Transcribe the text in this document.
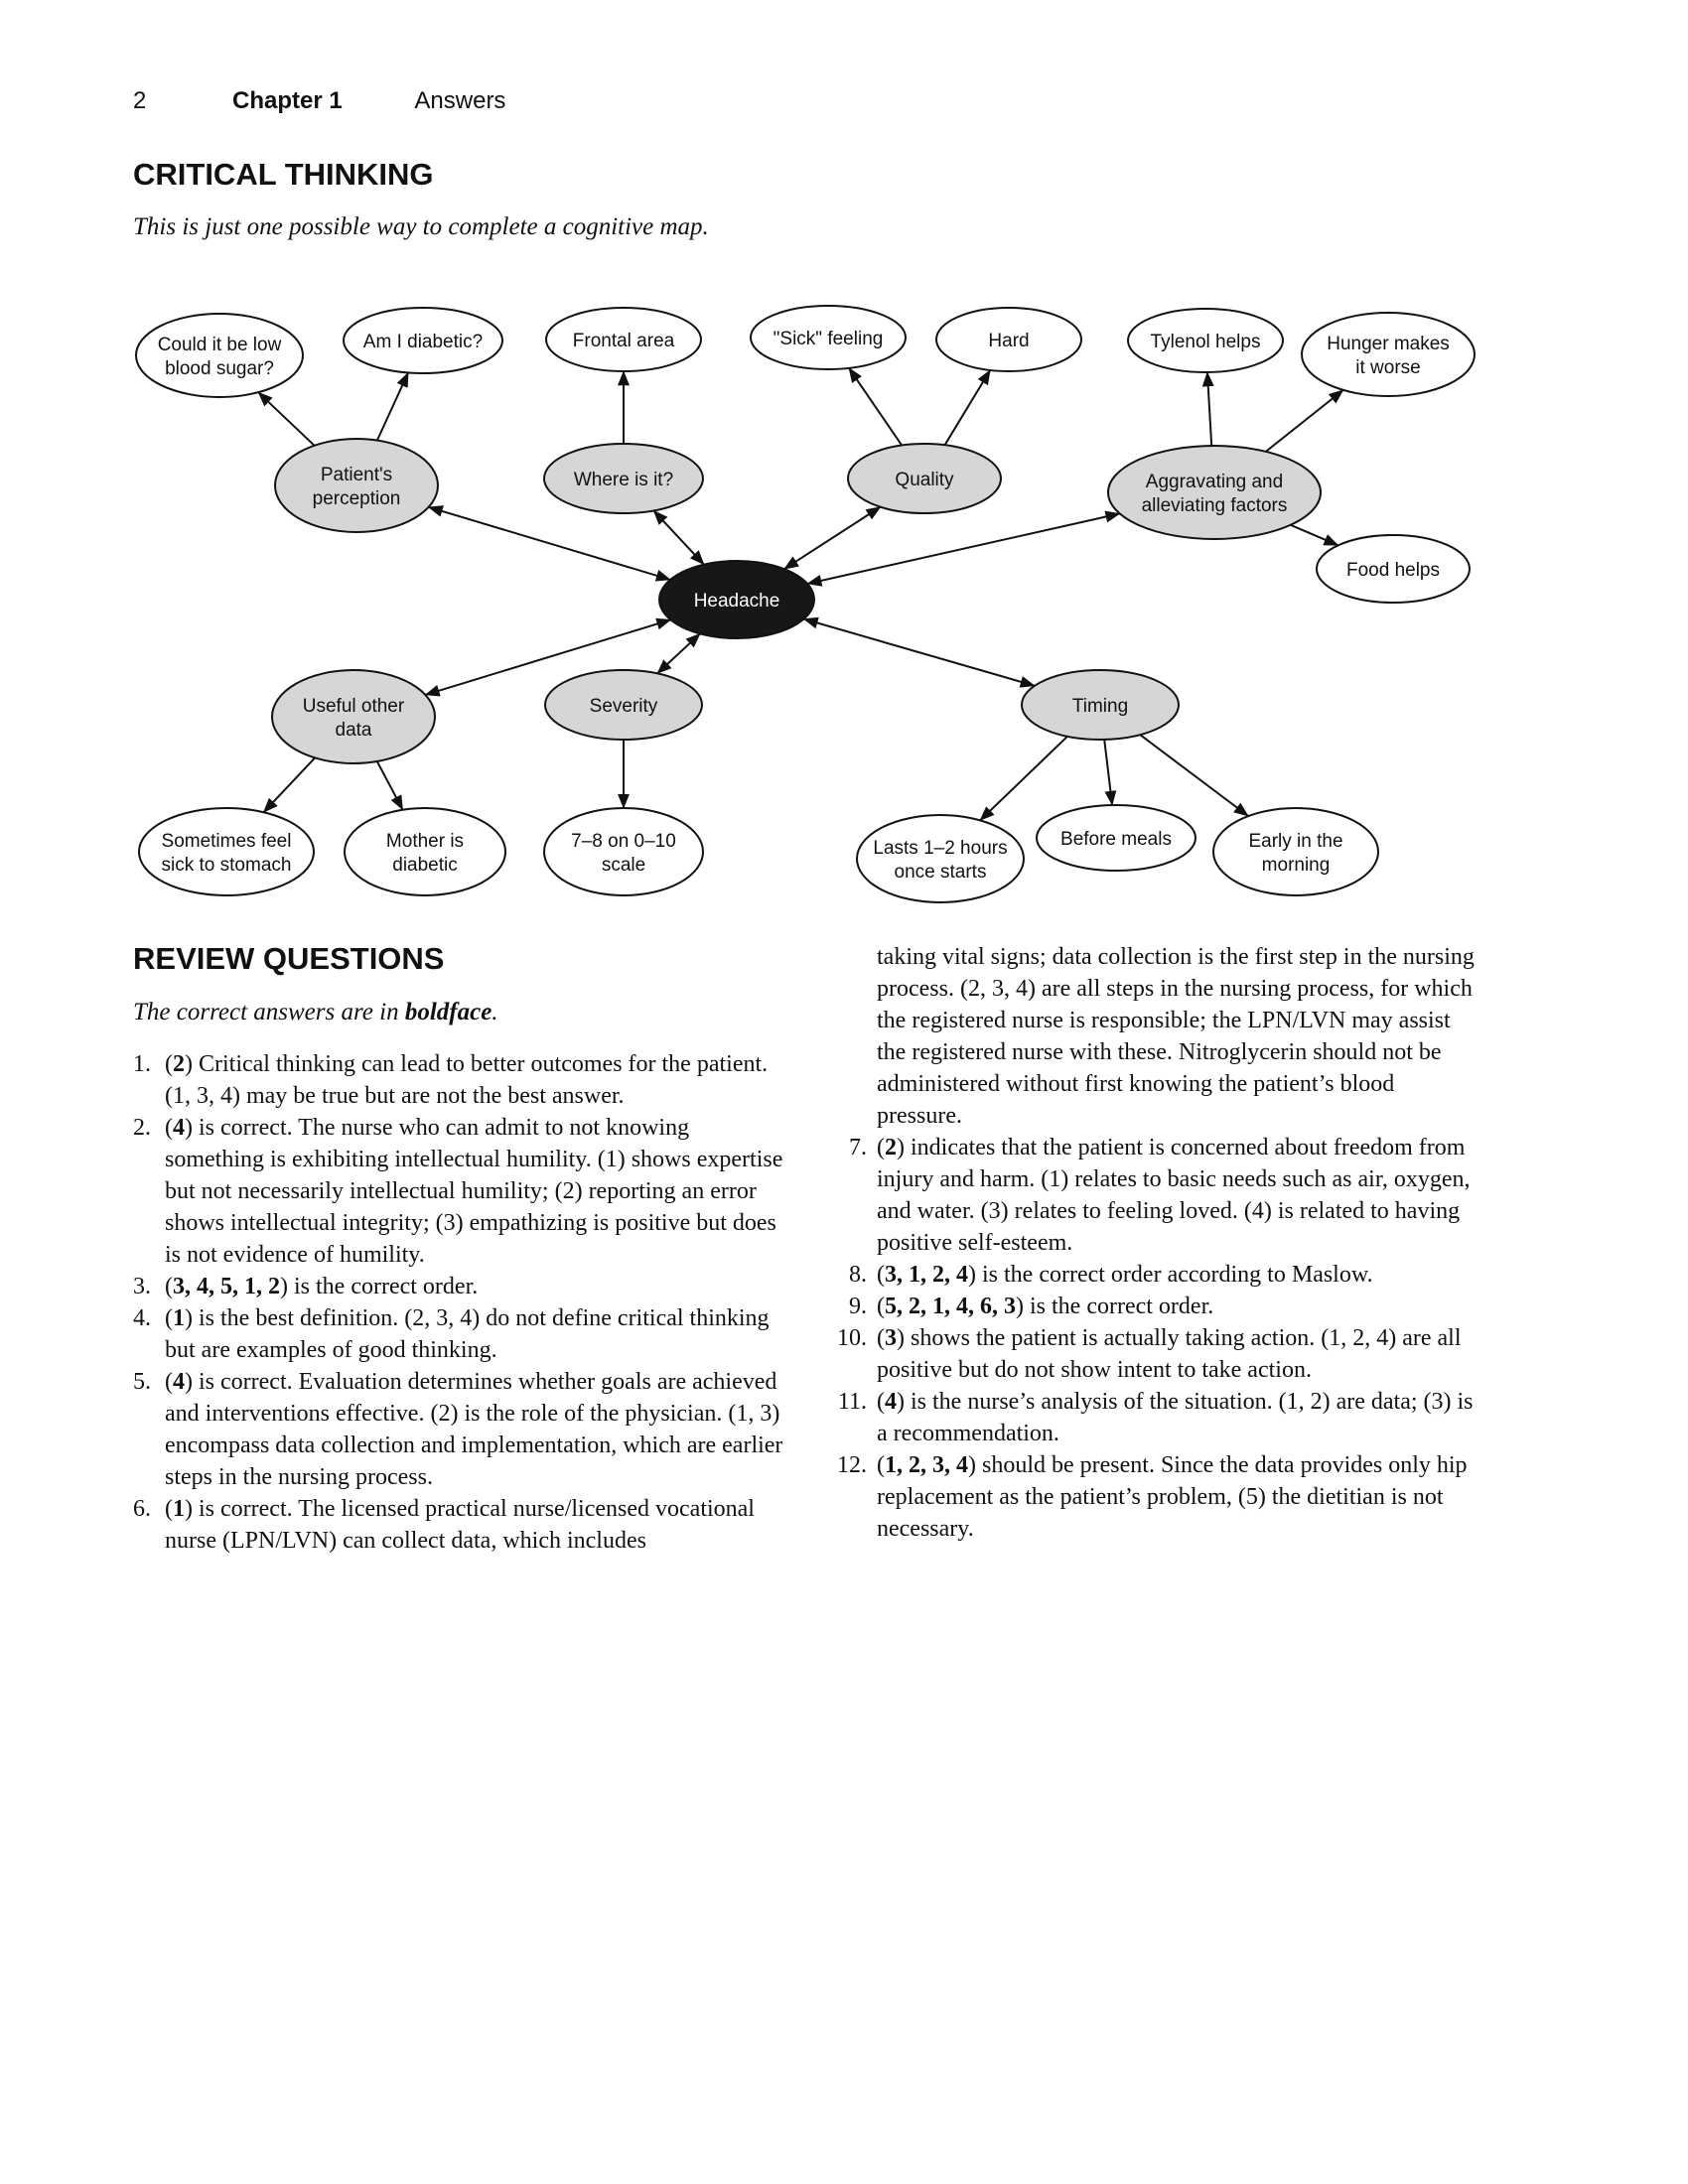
2	Chapter 1	Answers
CRITICAL THINKING

This is just one possible way to complete a cognitive map.

Headache
Patient's perception
Where is it?	Quality	Aggravating and alleviating factors
Useful other data
Severity	Timing
Could it be low blood sugar?
Am I diabetic?	Frontal area	"Sick" feeling	Hard	Tylenol helps	Hunger makes it worse
Food helps
Sometimes feel sick to stomach
Mother is diabetic
7–8 on 0–10 scale
Lasts 1–2 hours once starts
Before meals	Early in the morning
REVIEW QUESTIONS

The correct answers are in boldface.

1. (2) Critical thinking can lead to better outcomes for the patient. (1, 3, 4) may be true but are not the best answer.
2. (4) is correct. The nurse who can admit to not knowing something is exhibiting intellectual humility. (1) shows expertise but not necessarily intellectual humility; (2) reporting an error shows intellectual integrity; (3) empathizing is positive but does is not evidence of humility.
3. (3, 4, 5, 1, 2) is the correct order.
4. (1) is the best definition. (2, 3, 4) do not define critical thinking but are examples of good thinking.
5. (4) is correct. Evaluation determines whether goals are achieved and interventions effective. (2) is the role of the physician. (1, 3) encompass data collection and implementation, which are earlier steps in the nursing process.
6. (1) is correct. The licensed practical nurse/licensed vocational nurse (LPN/LVN) can collect data, which includes

taking vital signs; data collection is the first step in the nursing process. (2, 3, 4) are all steps in the nursing process, for which the registered nurse is responsible; the LPN/LVN may assist the registered nurse with these. Nitroglycerin should not be administered without first knowing the patient’s blood pressure.

7. (2) indicates that the patient is concerned about freedom from injury and harm. (1) relates to basic needs such as air, oxygen, and water. (3) relates to feeling loved. (4) is related to having positive self-esteem.
8. (3, 1, 2, 4) is the correct order according to Maslow.
9. (5, 2, 1, 4, 6, 3) is the correct order.
10. (3) shows the patient is actually taking action. (1, 2, 4) are all positive but do not show intent to take action.
11. (4) is the nurse’s analysis of the situation. (1, 2) are data; (3) is a recommendation.
12. (1, 2, 3, 4) should be present. Since the data provides only hip replacement as the patient’s problem, (5) the dietitian is not necessary.
